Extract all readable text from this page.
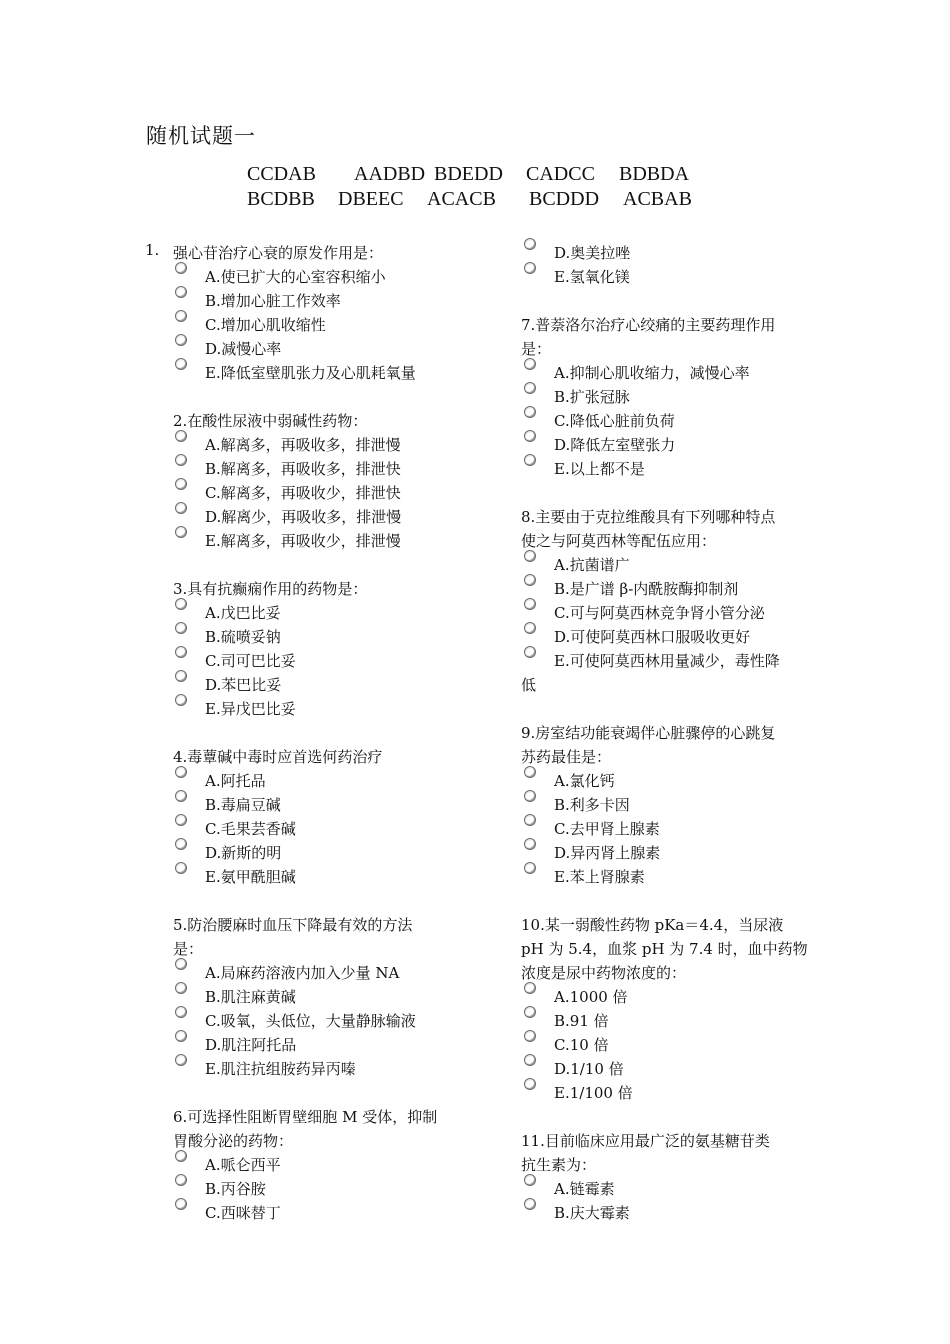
随机试题一
CCDAB AADBD BDEDD CADCC BDBDA
BCDBB DBEEC ACACB BCDDD ACBAB
1. 强心苷治疗心衰的原发作用是：
A.使已扩大的心室容积缩小
B.增加心脏工作效率
C.增加心肌收缩性
D.减慢心率
E.降低室壁肌张力及心肌耗氧量
2.在酸性尿液中弱碱性药物：
A.解离多，再吸收多，排泄慢
B.解离多，再吸收多，排泄快
C.解离多，再吸收少，排泄快
D.解离少，再吸收多，排泄慢
E.解离多，再吸收少，排泄慢
3.具有抗癫痫作用的药物是：
A.戊巴比妥
B.硫喷妥钠
C.司可巴比妥
D.苯巴比妥
E.异戊巴比妥
4.毒蕈碱中毒时应首选何药治疗
A.阿托品
B.毒扁豆碱
C.毛果芸香碱
D.新斯的明
E.氨甲酰胆碱
5.防治腰麻时血压下降最有效的方法
是：
A.局麻药溶液内加入少量 NA
B.肌注麻黄碱
C.吸氧，头低位，大量静脉输液
D.肌注阿托品
E.肌注抗组胺药异丙嗪
6.可选择性阻断胃壁细胞 M 受体，抑制
胃酸分泌的药物：
A.哌仑西平
B.丙谷胺
C.西咪替丁
D.奥美拉唑
E.氢氧化镁
7.普萘洛尔治疗心绞痛的主要药理作用
是：
A.抑制心肌收缩力，减慢心率
B.扩张冠脉
C.降低心脏前负荷
D.降低左室壁张力
E.以上都不是
8.主要由于克拉维酸具有下列哪种特点
使之与阿莫西林等配伍应用：
A.抗菌谱广
B.是广谱 β-内酰胺酶抑制剂
C.可与阿莫西林竞争肾小管分泌
D.可使阿莫西林口服吸收更好
E.可使阿莫西林用量减少，毒性降
低
9.房室结功能衰竭伴心脏骤停的心跳复
苏药最佳是：
A.氯化钙
B.利多卡因
C.去甲肾上腺素
D.异丙肾上腺素
E.苯上肾腺素
10.某一弱酸性药物 pKa＝4.4，当尿液
pH 为 5.4，血浆 pH 为 7.4 时，血中药物
浓度是尿中药物浓度的：
A.1000 倍
B.91 倍
C.10 倍
D.1/10 倍
E.1/100 倍
11.目前临床应用最广泛的氨基糖苷类
抗生素为：
A.链霉素
B.庆大霉素
